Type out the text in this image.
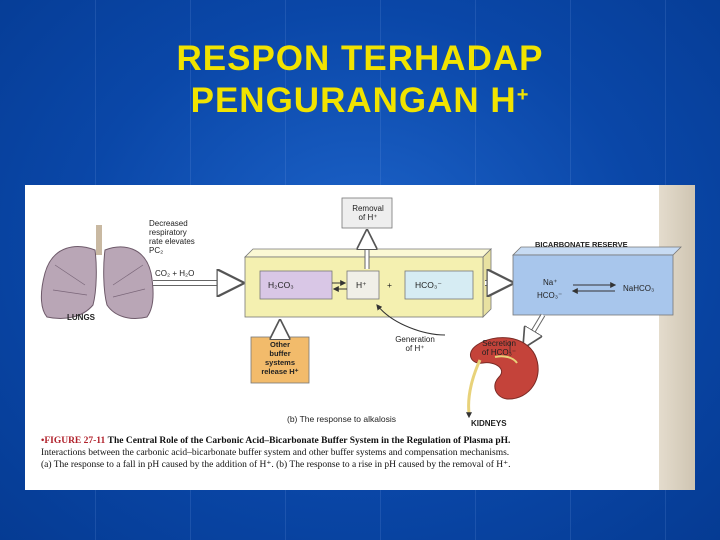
RESPON TERHADAP
PENGURANGAN H+
Removal
of H⁺
Decreased
respiratory
rate elevates
PC₂
LUNGS
CO₂ + H₂O
H₂CO₃	H⁺ +	HCO₃⁻
BICARBONATE RESERVE
Na⁺
HCO₃⁻
NaHCO₃
Other
buffer
systems
release H⁺
Generation
of H⁺
Secretion
of HCO₃⁻
KIDNEYS
(b) The response to alkalosis
•FIGURE 27-11 The Central Role of the Carbonic Acid–Bicarbonate Buffer System in the Regulation of Plasma pH.
Interactions between the carbonic acid–bicarbonate buffer system and other buffer systems and compensation mechanisms.
(a) The response to a fall in pH caused by the addition of H⁺. (b) The response to a rise in pH caused by the removal of H⁺.
